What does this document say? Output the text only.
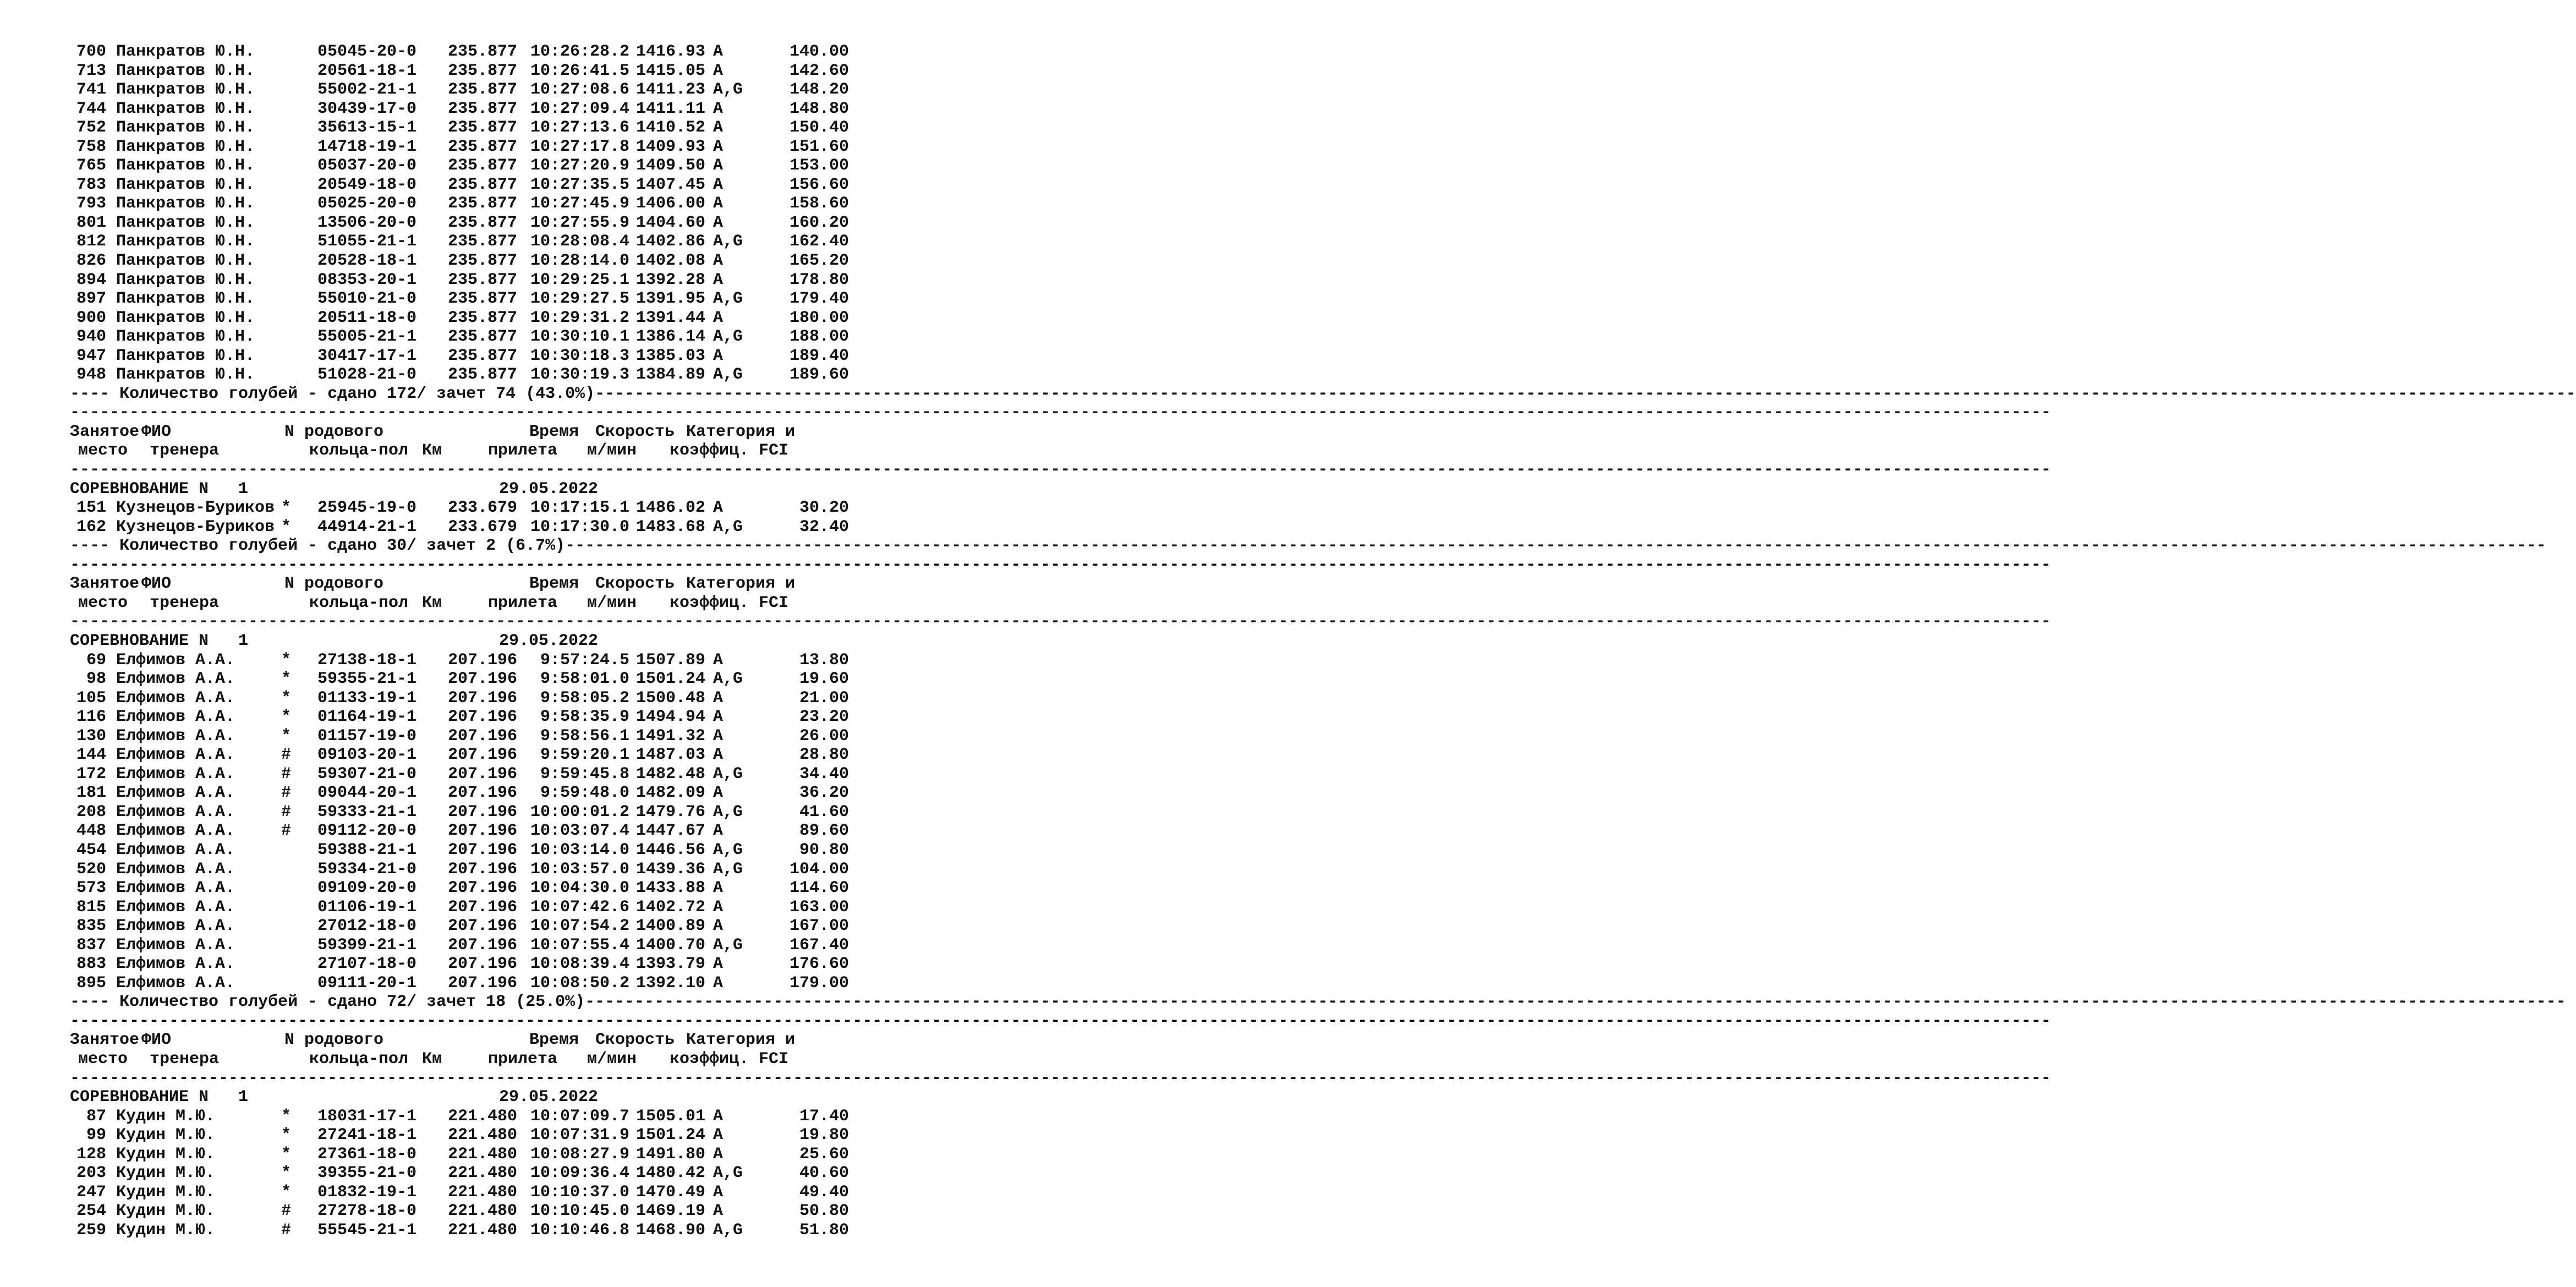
700 Панкратов Ю.Н.	05045-20-0 235.877 10:26:28.2 1416.93 A	140.00
713 Панкратов Ю.Н.	20561-18-1 235.877 10:26:41.5 1415.05 A	142.60
741 Панкратов Ю.Н.	55002-21-1 235.877 10:27:08.6 1411.23 A,G	148.20
744 Панкратов Ю.Н.	30439-17-0 235.877 10:27:09.4 1411.11 A	148.80
752 Панкратов Ю.Н.	35613-15-1 235.877 10:27:13.6 1410.52 A	150.40
758 Панкратов Ю.Н.	14718-19-1 235.877 10:27:17.8 1409.93 A	151.60
765 Панкратов Ю.Н.	05037-20-0 235.877 10:27:20.9 1409.50 A	153.00
783 Панкратов Ю.Н.	20549-18-0 235.877 10:27:35.5 1407.45 A	156.60
793 Панкратов Ю.Н.	05025-20-0 235.877 10:27:45.9 1406.00 A	158.60
801 Панкратов Ю.Н.	13506-20-0 235.877 10:27:55.9 1404.60 A	160.20
812 Панкратов Ю.Н.	51055-21-1 235.877 10:28:08.4 1402.86 A,G	162.40
826 Панкратов Ю.Н.	20528-18-1 235.877 10:28:14.0 1402.08 A	165.20
894 Панкратов Ю.Н.	08353-20-1 235.877 10:29:25.1 1392.28 A	178.80
897 Панкратов Ю.Н.	55010-21-0 235.877 10:29:27.5 1391.95 A,G	179.40
900 Панкратов Ю.Н.	20511-18-0 235.877 10:29:31.2 1391.44 A	180.00
940 Панкратов Ю.Н.	55005-21-1 235.877 10:30:10.1 1386.14 A,G	188.00
947 Панкратов Ю.Н.	30417-17-1 235.877 10:30:18.3 1385.03 A	189.40
948 Панкратов Ю.Н.	51028-21-0 235.877 10:30:19.3 1384.89 A,G	189.60
---- Количество голубей - сдано 172/ зачет 74 (43.0%)--------------------------------------------------------------------------------------------------------------------------------------------------------------------------------------------------------
--------------------------------------------------------------------------------------------------------------------------------------------------------------------------------------------------------
Занятое ФИО	N родового	Время Скорость Категория и
место тренера	кольца-пол Км	прилета м/мин коэффиц. FCI
--------------------------------------------------------------------------------------------------------------------------------------------------------------------------------------------------------
СОРЕВНОВАНИЕ N   1	29.05.2022
151 Кузнецов-Буриков * 25945-19-0 233.679 10:17:15.1 1486.02 A	30.20
162 Кузнецов-Буриков * 44914-21-1 233.679 10:17:30.0 1483.68 A,G	32.40
---- Количество голубей - сдано 30/ зачет 2 (6.7%)--------------------------------------------------------------------------------------------------------------------------------------------------------------------------------------------------------
--------------------------------------------------------------------------------------------------------------------------------------------------------------------------------------------------------
Занятое ФИО	N родового	Время Скорость Категория и
место тренера	кольца-пол Км	прилета м/мин коэффиц. FCI
--------------------------------------------------------------------------------------------------------------------------------------------------------------------------------------------------------
СОРЕВНОВАНИЕ N   1	29.05.2022
69 Елфимов А.А.	* 27138-18-1 207.196 9:57:24.5 1507.89 A	13.80
98 Елфимов А.А.	* 59355-21-1 207.196 9:58:01.0 1501.24 A,G	19.60
105 Елфимов А.А.	* 01133-19-1 207.196 9:58:05.2 1500.48 A	21.00
116 Елфимов А.А.	* 01164-19-1 207.196 9:58:35.9 1494.94 A	23.20
130 Елфимов А.А.	* 01157-19-0 207.196 9:58:56.1 1491.32 A	26.00
144 Елфимов А.А.	# 09103-20-1 207.196 9:59:20.1 1487.03 A	28.80
172 Елфимов А.А.	# 59307-21-0 207.196 9:59:45.8 1482.48 A,G	34.40
181 Елфимов А.А.	# 09044-20-1 207.196 9:59:48.0 1482.09 A	36.20
208 Елфимов А.А.	# 59333-21-1 207.196 10:00:01.2 1479.76 A,G	41.60
448 Елфимов А.А.	# 09112-20-0 207.196 10:03:07.4 1447.67 A	89.60
454 Елфимов А.А.	59388-21-1 207.196 10:03:14.0 1446.56 A,G	90.80
520 Елфимов А.А.	59334-21-0 207.196 10:03:57.0 1439.36 A,G	104.00
573 Елфимов А.А.	09109-20-0 207.196 10:04:30.0 1433.88 A	114.60
815 Елфимов А.А.	01106-19-1 207.196 10:07:42.6 1402.72 A	163.00
835 Елфимов А.А.	27012-18-0 207.196 10:07:54.2 1400.89 A	167.00
837 Елфимов А.А.	59399-21-1 207.196 10:07:55.4 1400.70 A,G	167.40
883 Елфимов А.А.	27107-18-0 207.196 10:08:39.4 1393.79 A	176.60
895 Елфимов А.А.	09111-20-1 207.196 10:08:50.2 1392.10 A	179.00
---- Количество голубей - сдано 72/ зачет 18 (25.0%)--------------------------------------------------------------------------------------------------------------------------------------------------------------------------------------------------------
--------------------------------------------------------------------------------------------------------------------------------------------------------------------------------------------------------
Занятое ФИО	N родового	Время Скорость Категория и
место тренера	кольца-пол Км	прилета м/мин коэффиц. FCI
--------------------------------------------------------------------------------------------------------------------------------------------------------------------------------------------------------
СОРЕВНОВАНИЕ N   1	29.05.2022
87 Кудин М.Ю.	* 18031-17-1 221.480 10:07:09.7 1505.01 A	17.40
99 Кудин М.Ю.	* 27241-18-1 221.480 10:07:31.9 1501.24 A	19.80
128 Кудин М.Ю.	* 27361-18-0 221.480 10:08:27.9 1491.80 A	25.60
203 Кудин М.Ю.	* 39355-21-0 221.480 10:09:36.4 1480.42 A,G	40.60
247 Кудин М.Ю.	* 01832-19-1 221.480 10:10:37.0 1470.49 A	49.40
254 Кудин М.Ю.	# 27278-18-0 221.480 10:10:45.0 1469.19 A	50.80
259 Кудин М.Ю.	# 55545-21-1 221.480 10:10:46.8 1468.90 A,G	51.80
